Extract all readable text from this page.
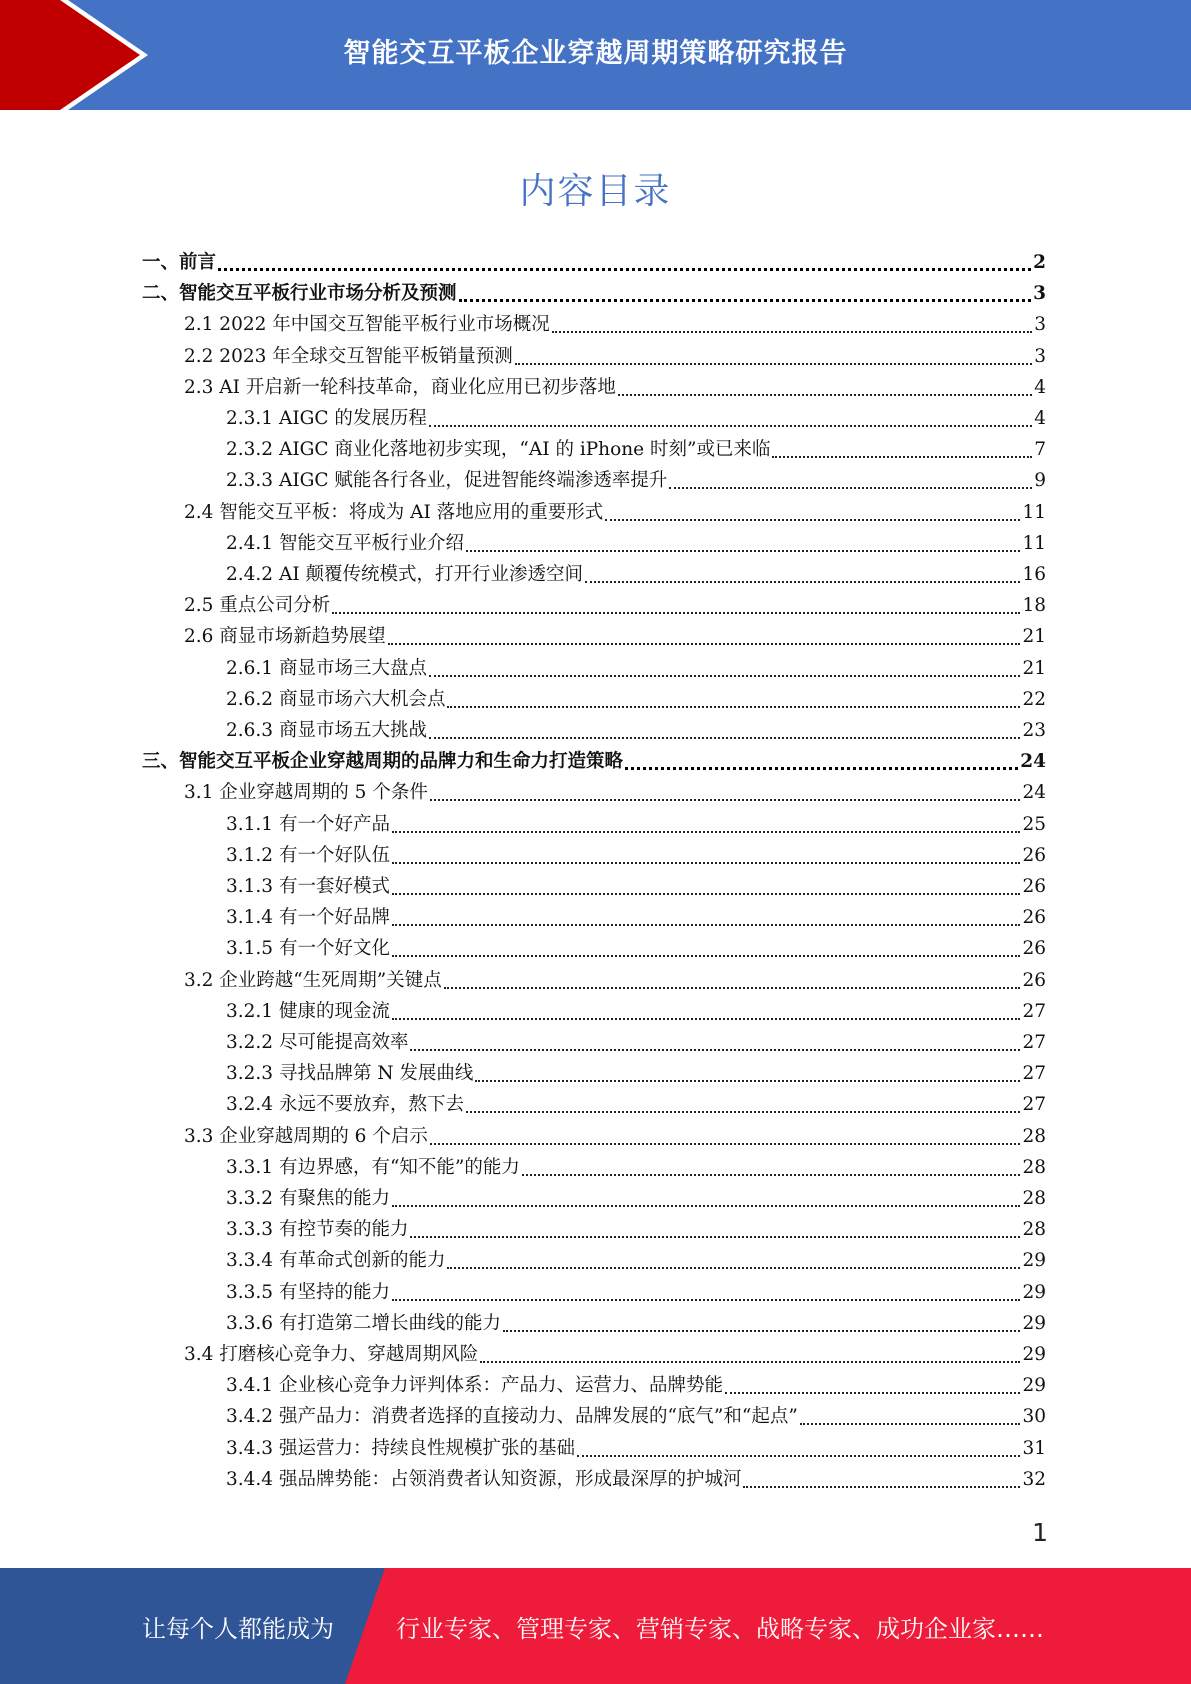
智能交互平板企业穿越周期策略研究报告
内容目录
一、前言	2
二、智能交互平板行业市场分析及预测	3
2.1 2022 年中国交互智能平板行业市场概况	3
2.2 2023 年全球交互智能平板销量预测	3
2.3 AI 开启新一轮科技革命，商业化应用已初步落地	4
2.3.1 AIGC 的发展历程	4
2.3.2 AIGC 商业化落地初步实现，“AI 的 iPhone 时刻”或已来临	7
2.3.3 AIGC 赋能各行各业，促进智能终端渗透率提升	9
2.4 智能交互平板：将成为 AI 落地应用的重要形式	11
2.4.1 智能交互平板行业介绍	11
2.4.2 AI 颠覆传统模式，打开行业渗透空间	16
2.5 重点公司分析	18
2.6 商显市场新趋势展望	21
2.6.1 商显市场三大盘点	21
2.6.2 商显市场六大机会点	22
2.6.3 商显市场五大挑战	23
三、智能交互平板企业穿越周期的品牌力和生命力打造策略	24
3.1 企业穿越周期的 5 个条件	24
3.1.1 有一个好产品	25
3.1.2 有一个好队伍	26
3.1.3 有一套好模式	26
3.1.4 有一个好品牌	26
3.1.5 有一个好文化	26
3.2 企业跨越“生死周期”关键点	26
3.2.1 健康的现金流	27
3.2.2 尽可能提高效率	27
3.2.3 寻找品牌第 N 发展曲线	27
3.2.4 永远不要放弃，熬下去	27
3.3 企业穿越周期的 6 个启示	28
3.3.1 有边界感，有“知不能”的能力	28
3.3.2 有聚焦的能力	28
3.3.3 有控节奏的能力	28
3.3.4 有革命式创新的能力	29
3.3.5 有坚持的能力	29
3.3.6 有打造第二增长曲线的能力	29
3.4 打磨核心竞争力、穿越周期风险	29
3.4.1 企业核心竞争力评判体系：产品力、运营力、品牌势能	29
3.4.2 强产品力：消费者选择的直接动力、品牌发展的“底气”和“起点”	30
3.4.3 强运营力：持续良性规模扩张的基础	31
3.4.4 强品牌势能：占领消费者认知资源，形成最深厚的护城河	32
1
让每个人都能成为	行业专家、管理专家、营销专家、战略专家、成功企业家……
